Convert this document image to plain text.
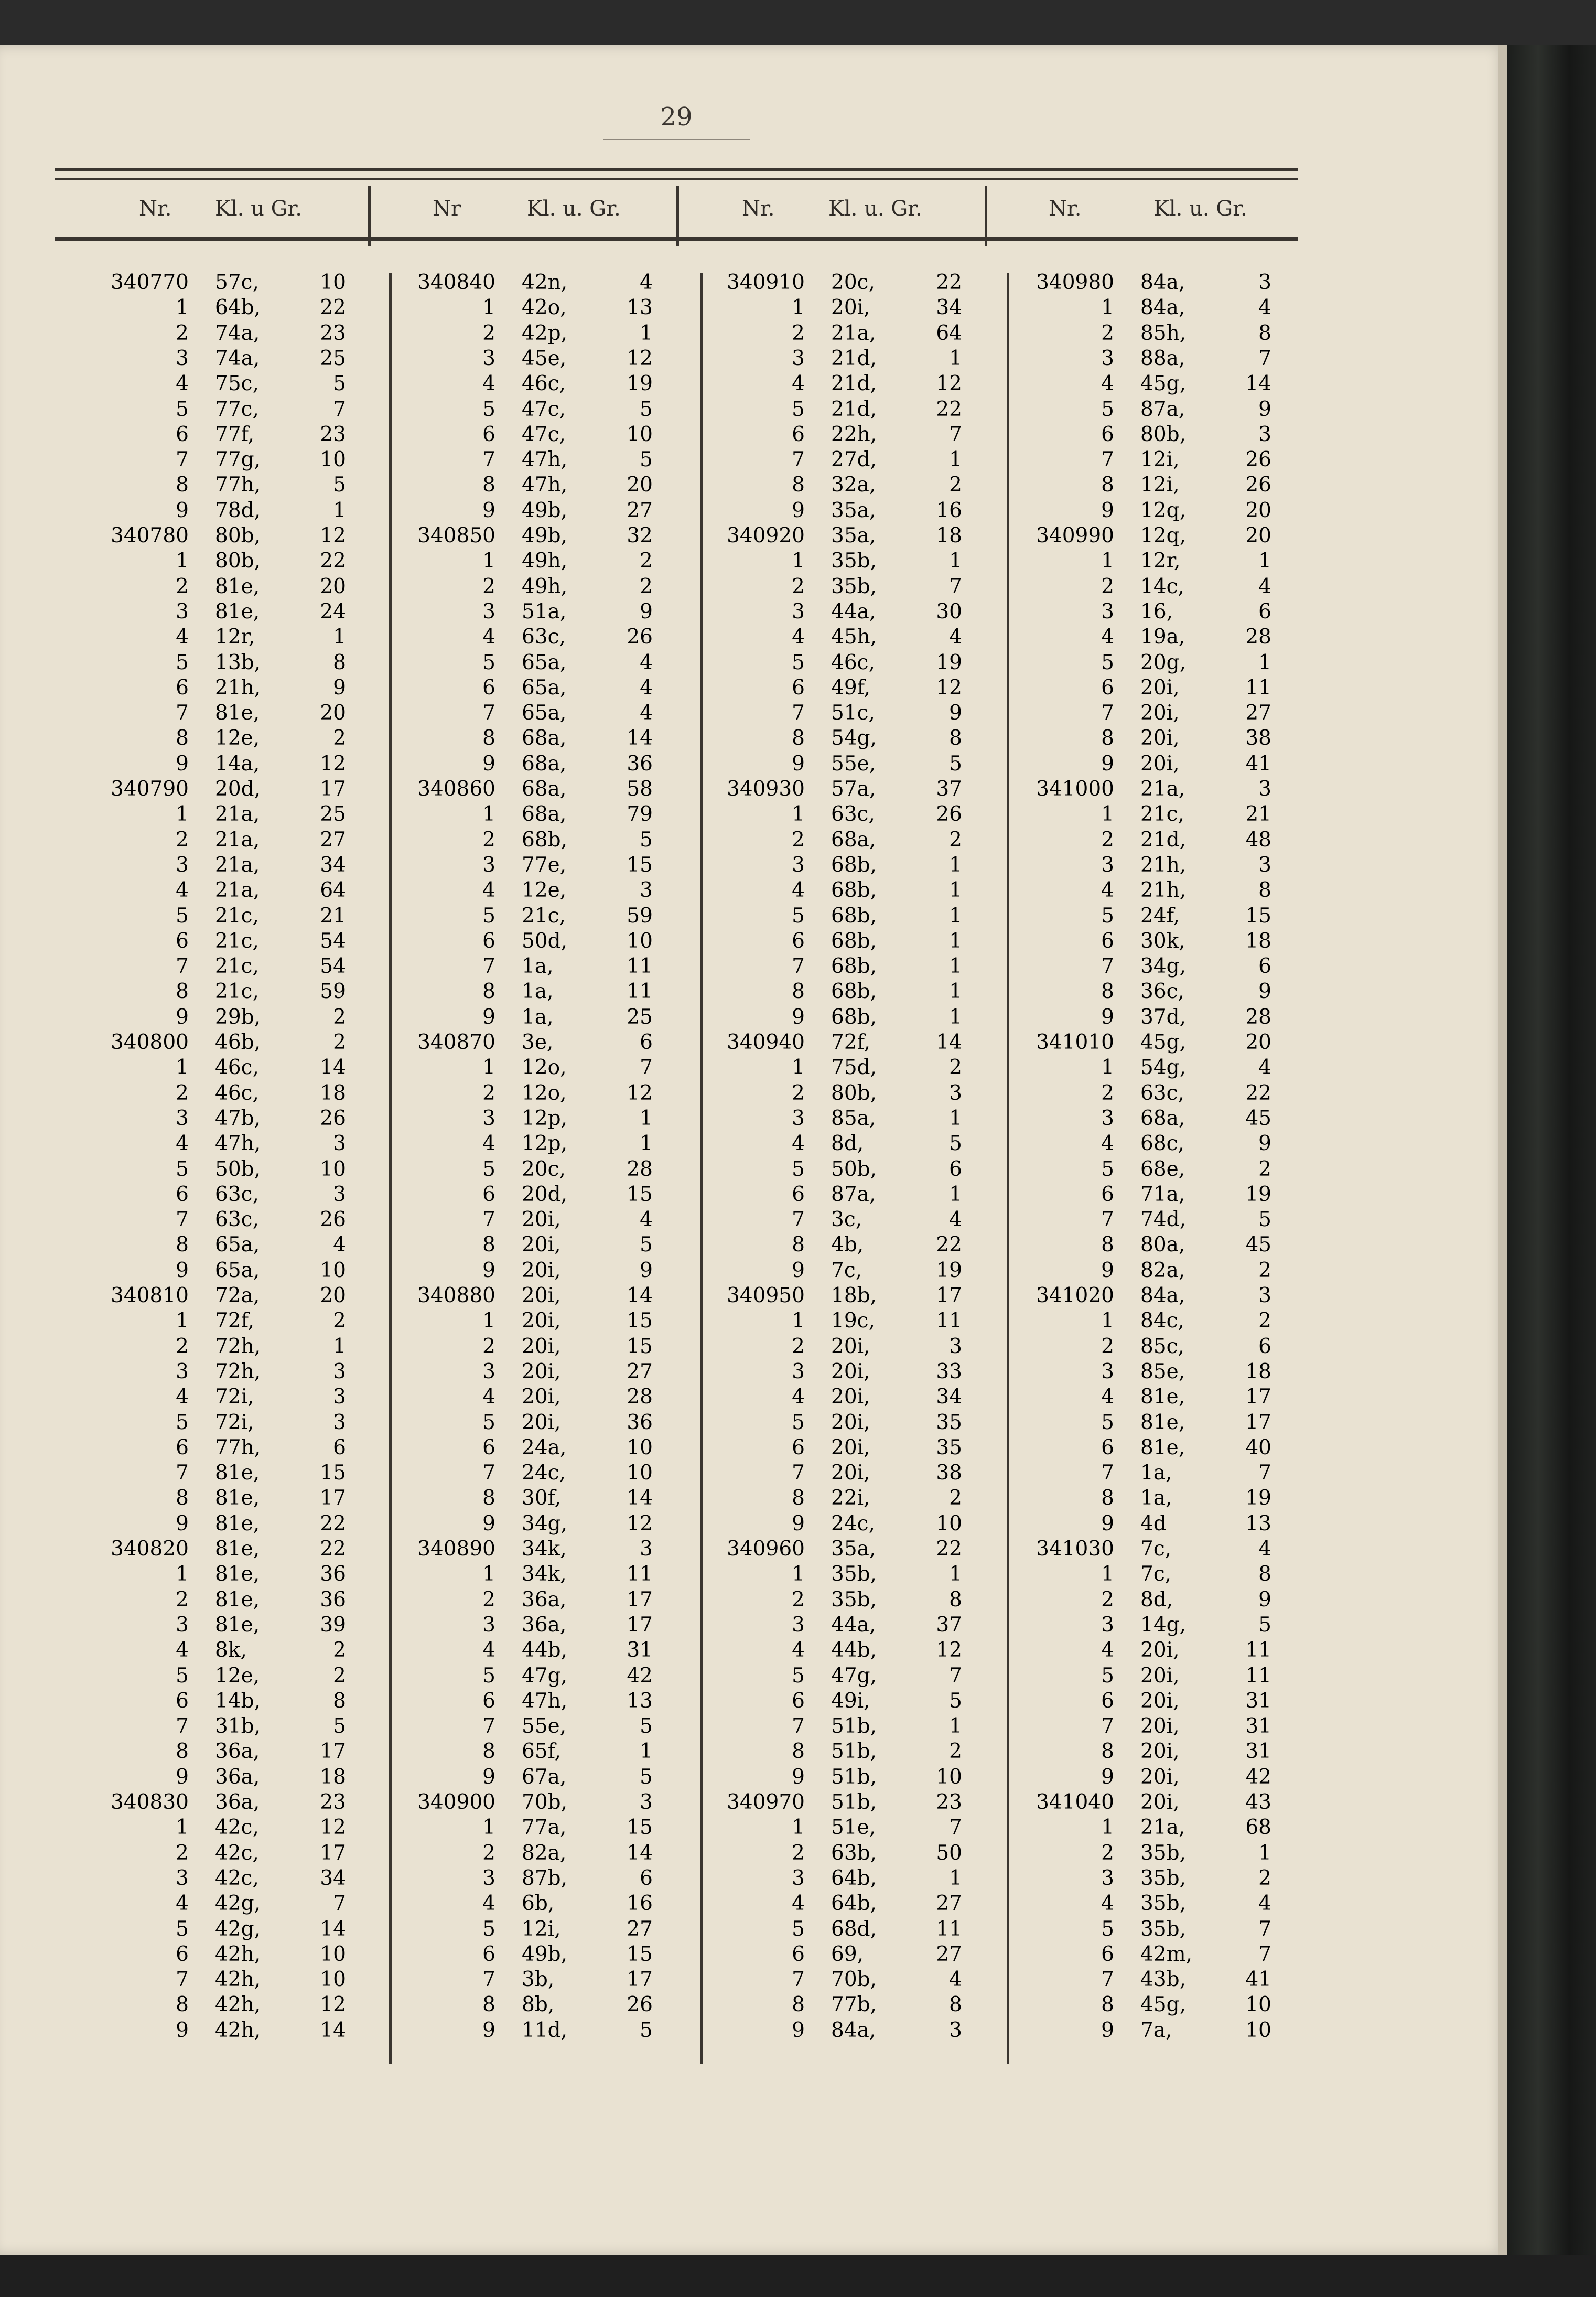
29
Nr. Kl. u Gr.	Nr	Kl. u. Gr.	Nr.	Kl. u. Gr.	Nr.	Kl. u. Gr.
340770 57c,	10
1 64b,	22
2 74a,	23
3 74a,	25
4 75c,	5
5 77c,	7
6 77f,	23
7 77g,	10
8 77h,	5
9 78d,	1
340780 80b,	12
1 80b,	22
2 81e,	20
3 81e,	24
4 12r,	1
5 13b,	8
6 21h,	9
7 81e,	20
8 12e,	2
9 14a,	12
340790 20d,	17
1 21a,	25
2 21a,	27
3 21a,	34
4 21a,	64
5 21c,	21
6 21c,	54
7 21c,	54
8 21c,	59
9 29b,	2
340800 46b,	2
1 46c,	14
2 46c,	18
3 47b,	26
4 47h,	3
5 50b,	10
6 63c,	3
7 63c,	26
8 65a,	4
9 65a,	10
340810 72a,	20
1 72f,	2
2 72h,	1
3 72h,	3
4 72i,	3
5 72i,	3
6 77h,	6
7 81e,	15
8 81e,	17
9 81e,	22
340820 81e,	22
1 81e,	36
2 81e,	36
3 81e,	39
4 8k,	2
5 12e,	2
6 14b,	8
7 31b,	5
8 36a,	17
9 36a,	18
340830 36a,	23
1 42c,	12
2 42c,	17
3 42c,	34
4 42g,	7
5 42g,	14
6 42h,	10
7 42h,	10
8 42h,	12
9 42h,	14
340840 42n,	4
1 42o,	13
2 42p,	1
3 45e,	12
4 46c,	19
5 47c,	5
6 47c,	10
7 47h,	5
8 47h,	20
9 49b,	27
340850 49b,	32
1 49h,	2
2 49h,	2
3 51a,	9
4 63c,	26
5 65a,	4
6 65a,	4
7 65a,	4
8 68a,	14
9 68a,	36
340860 68a,	58
1 68a,	79
2 68b,	5
3 77e,	15
4 12e,	3
5 21c,	59
6 50d,	10
7 1a,	11
8 1a,	11
9 1a,	25
340870 3e,	6
1 12o,	7
2 12o,	12
3 12p,	1
4 12p,	1
5 20c,	28
6 20d,	15
7 20i,	4
8 20i,	5
9 20i,	9
340880 20i,	14
1 20i,	15
2 20i,	15
3 20i,	27
4 20i,	28
5 20i,	36
6 24a,	10
7 24c,	10
8 30f,	14
9 34g,	12
340890 34k,	3
1 34k,	11
2 36a,	17
3 36a,	17
4 44b,	31
5 47g,	42
6 47h,	13
7 55e,	5
8 65f,	1
9 67a,	5
340900 70b,	3
1 77a,	15
2 82a,	14
3 87b,	6
4 6b,	16
5 12i,	27
6 49b,	15
7 3b,	17
8 8b,	26
9 11d,	5
340910 20c,	22
1 20i,	34
2 21a,	64
3 21d,	1
4 21d,	12
5 21d,	22
6 22h,	7
7 27d,	1
8 32a,	2
9 35a,	16
340920 35a,	18
1 35b,	1
2 35b,	7
3 44a,	30
4 45h,	4
5 46c,	19
6 49f,	12
7 51c,	9
8 54g,	8
9 55e,	5
340930 57a,	37
1 63c,	26
2 68a,	2
3 68b,	1
4 68b,	1
5 68b,	1
6 68b,	1
7 68b,	1
8 68b,	1
9 68b,	1
340940 72f,	14
1 75d,	2
2 80b,	3
3 85a,	1
4 8d,	5
5 50b,	6
6 87a,	1
7 3c,	4
8 4b,	22
9 7c,	19
340950 18b,	17
1 19c,	11
2 20i,	3
3 20i,	33
4 20i,	34
5 20i,	35
6 20i,	35
7 20i,	38
8 22i,	2
9 24c,	10
340960 35a,	22
1 35b,	1
2 35b,	8
3 44a,	37
4 44b,	12
5 47g,	7
6 49i,	5
7 51b,	1
8 51b,	2
9 51b,	10
340970 51b,	23
1 51e,	7
2 63b,	50
3 64b,	1
4 64b,	27
5 68d,	11
6 69,	27
7 70b,	4
8 77b,	8
9 84a,	3
340980 84a,	3
1 84a,	4
2 85h,	8
3 88a,	7
4 45g,	14
5 87a,	9
6 80b,	3
7 12i,	26
8 12i,	26
9 12q,	20
340990 12q,	20
1 12r,	1
2 14c,	4
3 16,	6
4 19a,	28
5 20g,	1
6 20i,	11
7 20i,	27
8 20i,	38
9 20i,	41
341000 21a,	3
1 21c,	21
2 21d,	48
3 21h,	3
4 21h,	8
5 24f,	15
6 30k,	18
7 34g,	6
8 36c,	9
9 37d,	28
341010 45g,	20
1 54g,	4
2 63c,	22
3 68a,	45
4 68c,	9
5 68e,	2
6 71a,	19
7 74d,	5
8 80a,	45
9 82a,	2
341020 84a,	3
1 84c,	2
2 85c,	6
3 85e,	18
4 81e,	17
5 81e,	17
6 81e,	40
7 1a,	7
8 1a,	19
9 4d	13
341030 7c,	4
1 7c,	8
2 8d,	9
3 14g,	5
4 20i,	11
5 20i,	11
6 20i,	31
7 20i,	31
8 20i,	31
9 20i,	42
341040 20i,	43
1 21a,	68
2 35b,	1
3 35b,	2
4 35b,	4
5 35b,	7
6 42m,	7
7 43b,	41
8 45g,	10
9 7a,	10
